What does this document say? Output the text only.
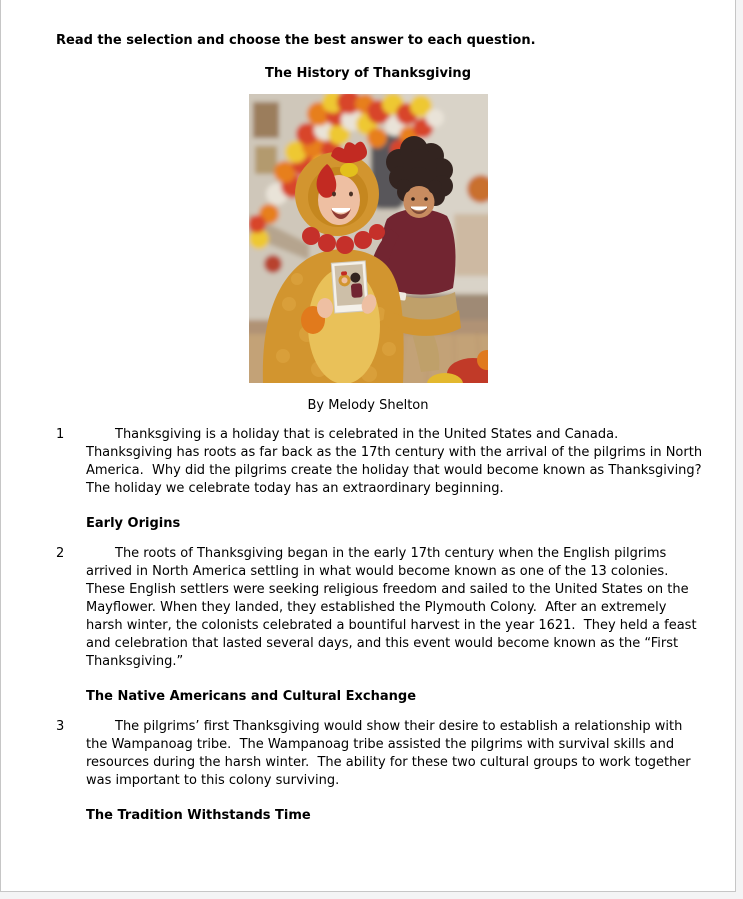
Read the selection and choose the best answer to each question.
The History of Thanksgiving
By Melody Shelton
1	Thanksgiving is a holiday that is celebrated in the United States and Canada.  Thanksgiving has roots as far back as the 17th century with the arrival of the pilgrims in North America.  Why did the pilgrims create the holiday that would become known as Thanksgiving?  The holiday we celebrate today has an extraordinary beginning.

Early Origins
2	The roots of Thanksgiving began in the early 17th century when the English pilgrims arrived in North America settling in what would become known as one of the 13 colonies.  These English settlers were seeking religious freedom and sailed to the United States on the Mayflower. When they landed, they established the Plymouth Colony.  After an extremely harsh winter, the colonists celebrated a bountiful harvest in the year 1621.  They held a feast and celebration that lasted several days, and this event would become known as the “First Thanksgiving.”

The Native Americans and Cultural Exchange
3	The pilgrims’ first Thanksgiving would show their desire to establish a relationship with the Wampanoag tribe.  The Wampanoag tribe assisted the pilgrims with survival skills and resources during the harsh winter.  The ability for these two cultural groups to work together was important to this colony surviving.

The Tradition Withstands Time
